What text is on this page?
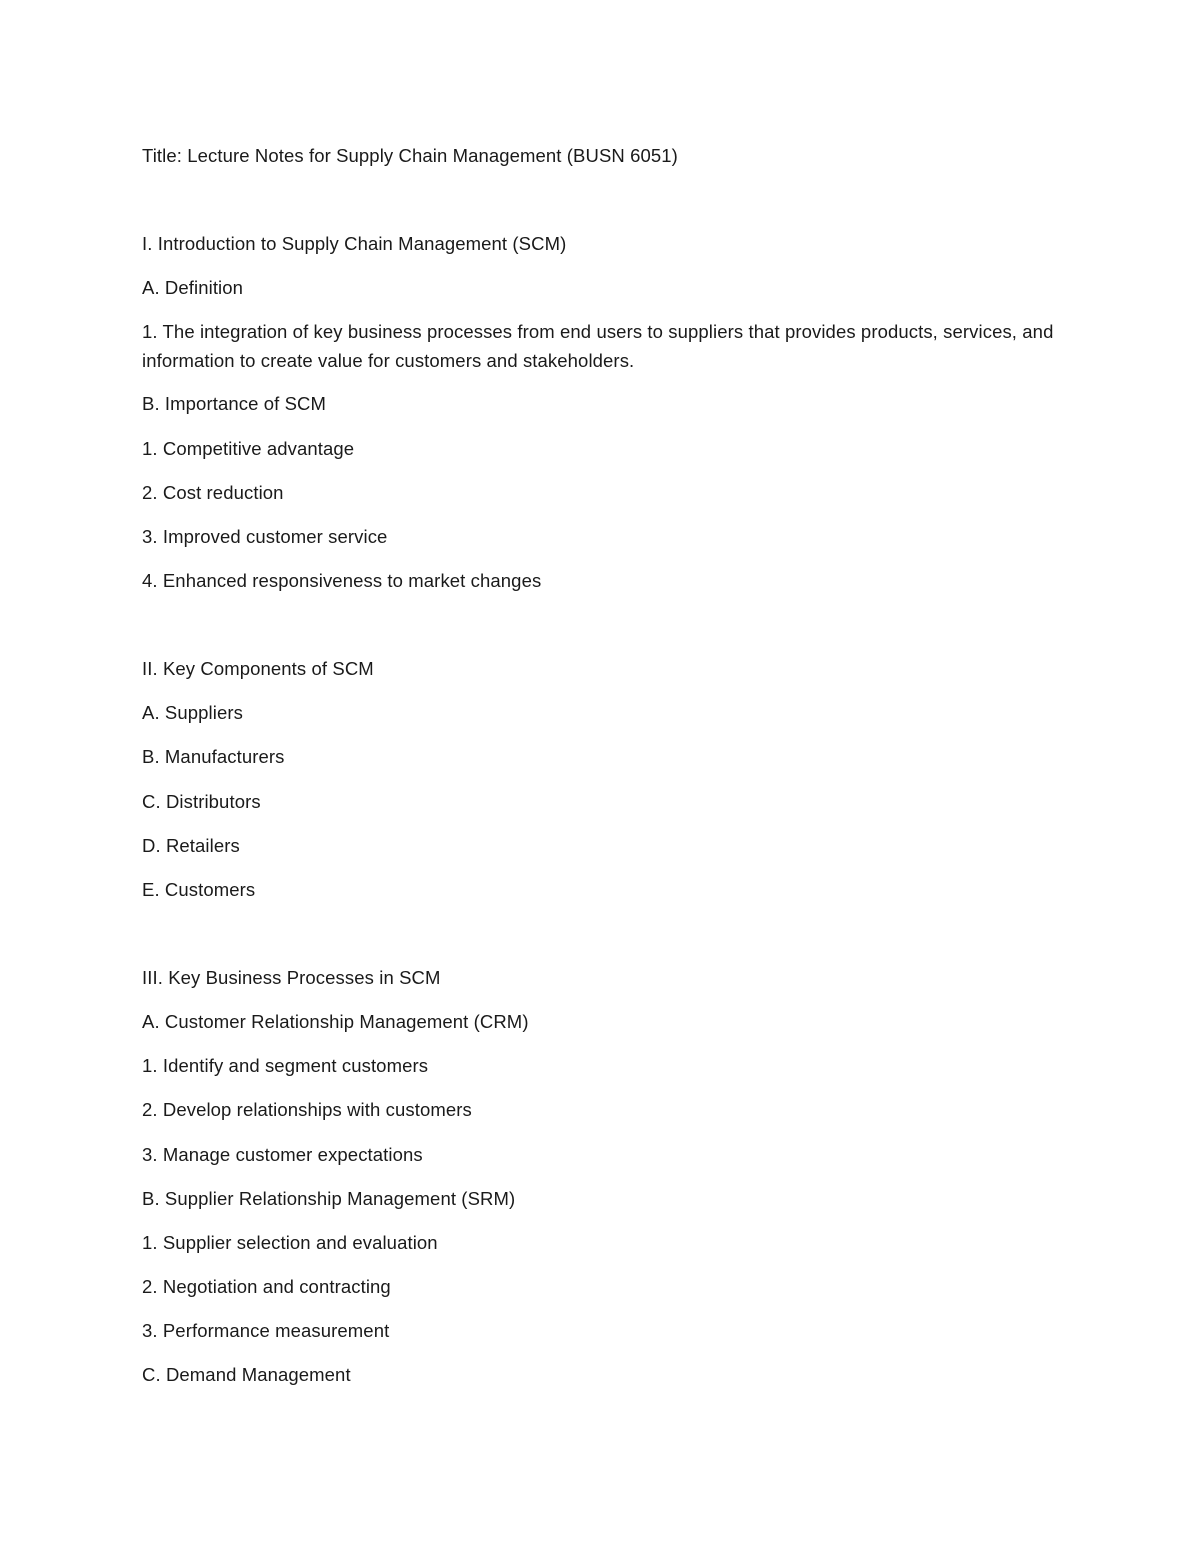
Title: Lecture Notes for Supply Chain Management (BUSN 6051)
I. Introduction to Supply Chain Management (SCM)
A. Definition
1. The integration of key business processes from end users to suppliers that provides products, services, and information to create value for customers and stakeholders.
B. Importance of SCM
1. Competitive advantage
2. Cost reduction
3. Improved customer service
4. Enhanced responsiveness to market changes
II. Key Components of SCM
A. Suppliers
B. Manufacturers
C. Distributors
D. Retailers
E. Customers
III. Key Business Processes in SCM
A. Customer Relationship Management (CRM)
1. Identify and segment customers
2. Develop relationships with customers
3. Manage customer expectations
B. Supplier Relationship Management (SRM)
1. Supplier selection and evaluation
2. Negotiation and contracting
3. Performance measurement
C. Demand Management
